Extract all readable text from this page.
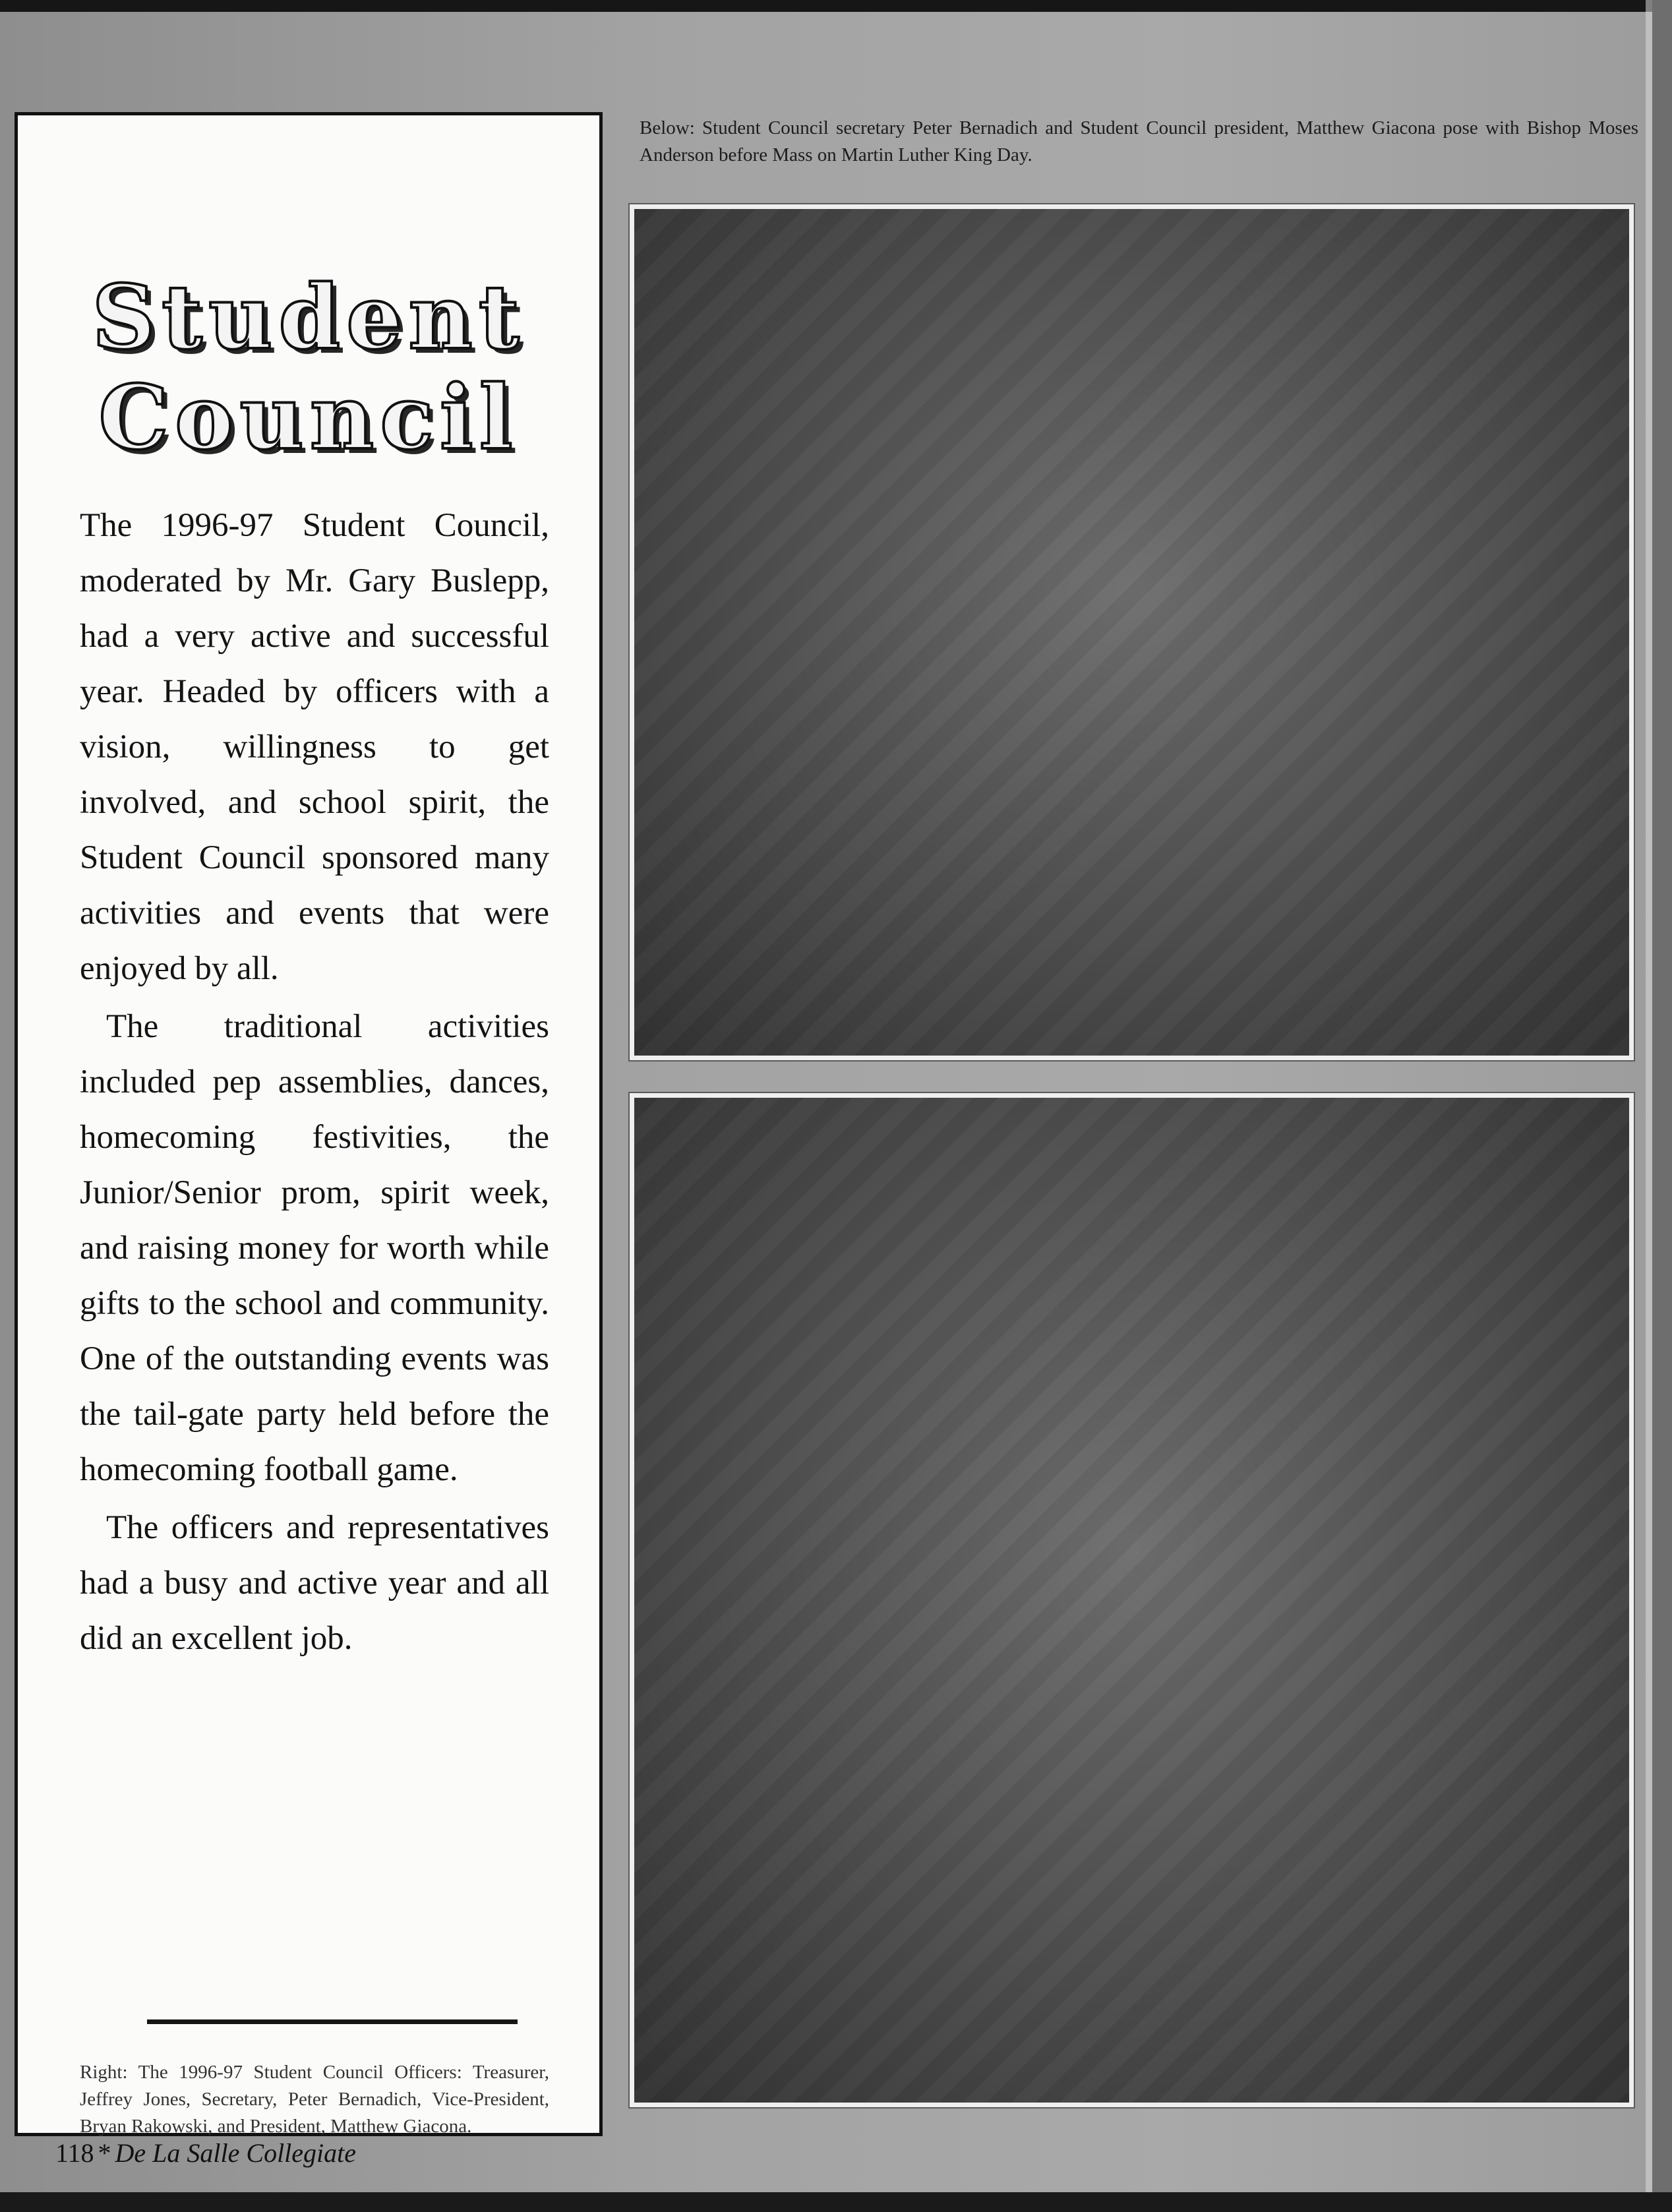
Student
Council

The 1996-97 Student Council, moderated by Mr. Gary Buslepp, had a very active and successful year. Headed by officers with a vision, willingness to get involved, and school spirit, the Student Council sponsored many activities and events that were enjoyed by all.

The traditional activities included pep assemblies, dances, homecoming festivities, the Junior/Senior prom, spirit week, and raising money for worth while gifts to the school and community. One of the outstanding events was the tail-gate party held before the homecoming football game.

The officers and representatives had a busy and active year and all did an excellent job.

Right: The 1996-97 Student Council Officers: Treasurer, Jeffrey Jones, Secretary, Peter Bernadich, Vice-President, Bryan Rakowski, and President, Matthew Giacona.

Below: Student Council secretary Peter Bernadich and Student Council president, Matthew Giacona pose with Bishop Moses Anderson before Mass on Martin Luther King Day.

118 * De La Salle Collegiate
